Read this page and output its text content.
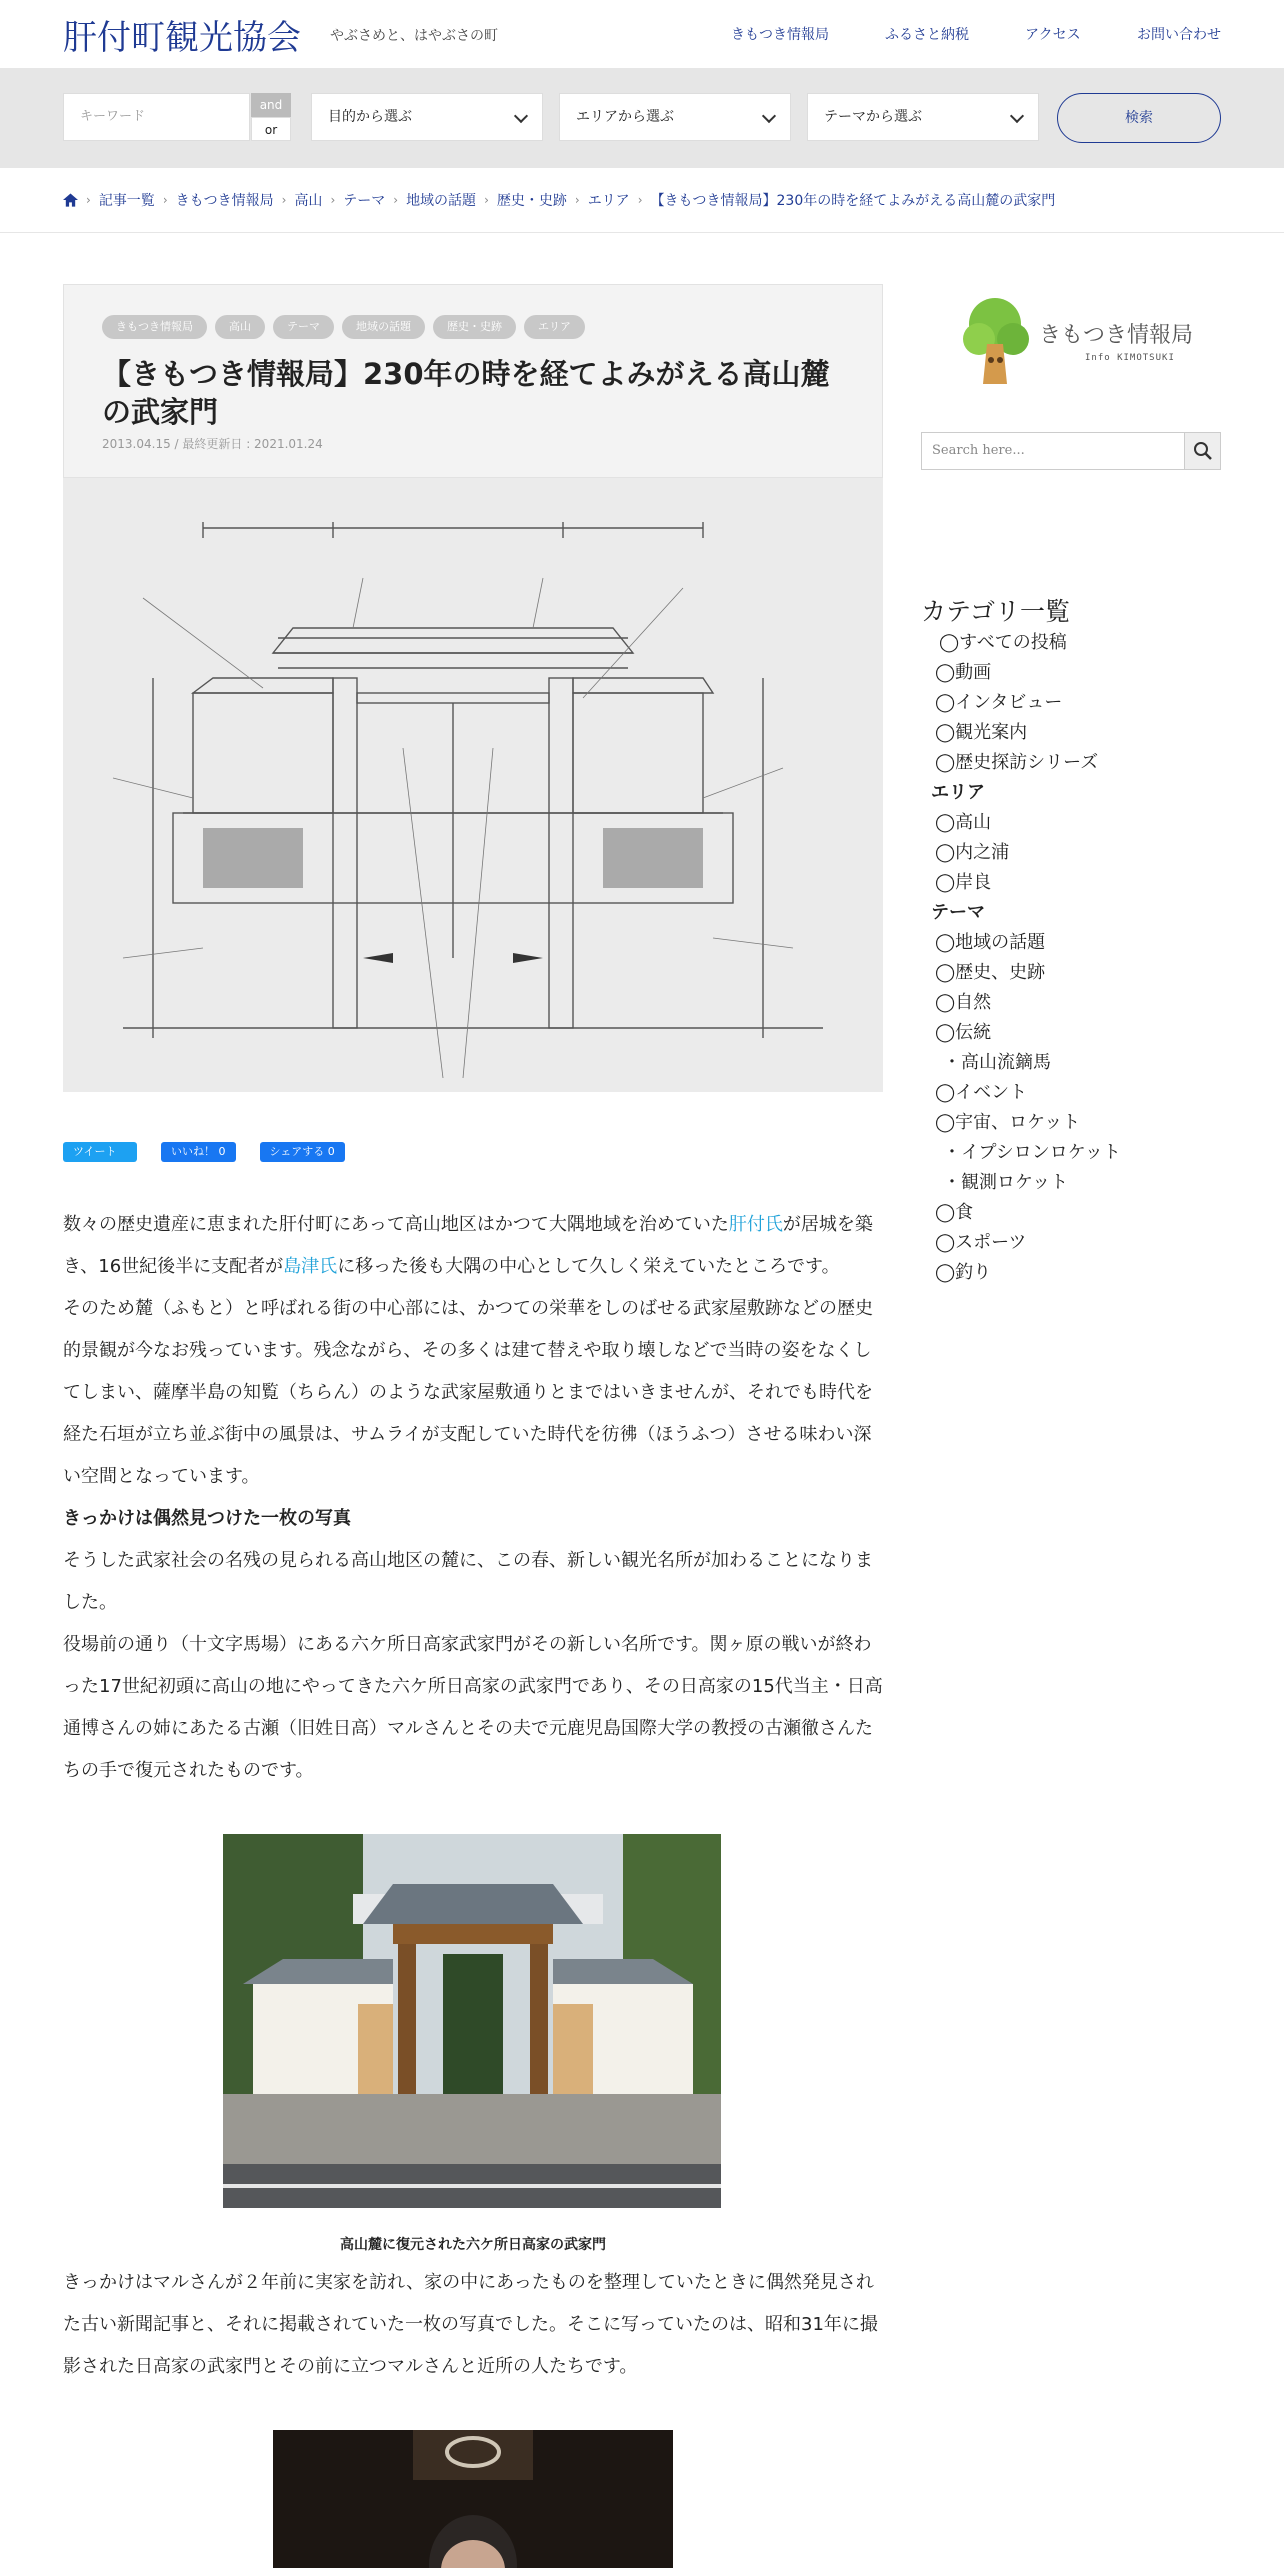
肝付町観光協会 やぶさめと、はやぶさの町	きもつき情報局	ふるさと納税	アクセス	お問い合わせ
キーワード
and
or
目的から選ぶ	エリアから選ぶ	テーマから選ぶ	検索
› 記事一覧 › きもつき情報局 › 高山 › テーマ › 地域の話題 › 歴史・史跡 › エリア › 【きもつき情報局】230年の時を経てよみがえる高山麓の武家門
きもつき情報局	高山	テーマ	地域の話題	歴史・史跡	エリア
【きもつき情報局】230年の時を経てよみがえる高山麓の武家門
2013.04.15 / 最終更新日 : 2021.01.24
ツイート	いいね！ 0	シェアする 0

数々の歴史遺産に恵まれた肝付町にあって高山地区はかつて大隅地域を治めていた肝付氏が居城を築き、16世紀後半に支配者が島津氏に移った後も大隅の中心として久しく栄えていたところです。

そのため麓（ふもと）と呼ばれる街の中心部には、かつての栄華をしのばせる武家屋敷跡などの歴史的景観が今なお残っています。残念ながら、その多くは建て替えや取り壊しなどで当時の姿をなくしてしまい、薩摩半島の知覧（ちらん）のような武家屋敷通りとまではいきませんが、それでも時代を経た石垣が立ち並ぶ街中の風景は、サムライが支配していた時代を彷彿（ほうふつ）させる味わい深い空間となっています。

きっかけは偶然見つけた一枚の写真

そうした武家社会の名残の見られる高山地区の麓に、この春、新しい観光名所が加わることになりました。

役場前の通り（十文字馬場）にある六ケ所日高家武家門がその新しい名所です。関ヶ原の戦いが終わった17世紀初頭に高山の地にやってきた六ケ所日高家の武家門であり、その日高家の15代当主・日高通博さんの姉にあたる古瀬（旧姓日高）マルさんとその夫で元鹿児島国際大学の教授の古瀬徹さんたちの手で復元されたものです。

高山麓に復元された六ケ所日高家の武家門

きっかけはマルさんが２年前に実家を訪れ、家の中にあったものを整理していたときに偶然発見された古い新聞記事と、それに掲載されていた一枚の写真でした。そこに写っていたのは、昭和31年に撮影された日高家の武家門とその前に立つマルさんと近所の人たちです。

きもつき情報局
Info KIMOTSUKI
Search here...
カテゴリ一覧
◯すべての投稿
◯動画
◯インタビュー
◯観光案内
◯歴史探訪シリーズ
エリア
◯高山
◯内之浦
◯岸良
テーマ
◯地域の話題
◯歴史、史跡
◯自然
◯伝統
・高山流鏑馬
◯イベント
◯宇宙、ロケット
・イプシロンロケット
・観測ロケット
◯食
◯スポーツ
◯釣り
